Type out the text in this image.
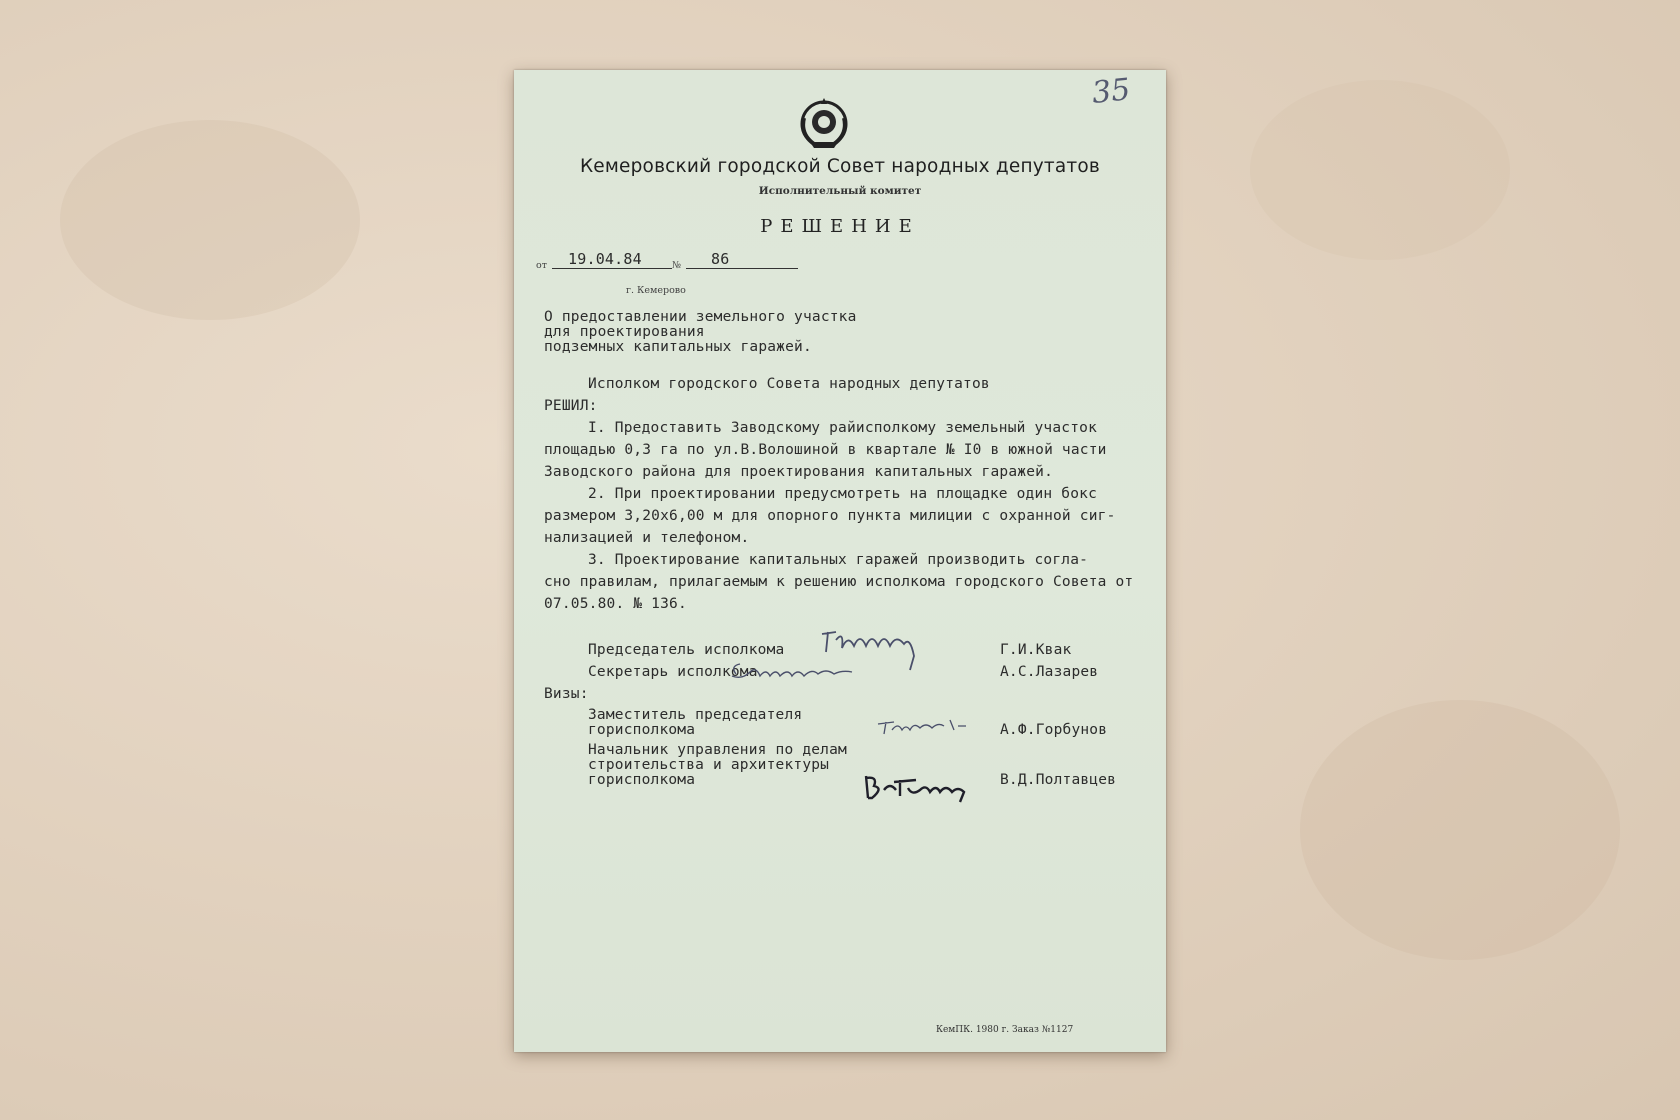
35
Кемеровский городской Совет народных депутатов
Исполнительный комитет
РЕШЕНИЕ
от 19.04.84	№ 86
г. Кемерово
О предоставлении земельного участка
для проектирования
подземных капитальных гаражей.
Исполком городского Совета народных депутатов
РЕШИЛ:
I. Предоставить Заводскому райисполкому земельный участок
площадью 0,3 га по ул.В.Волошиной в квартале № I0 в южной части
Заводского района для проектирования капитальных гаражей.
2. При проектировании предусмотреть на площадке один бокс
размером 3,20х6,00 м для опорного пункта милиции с охранной сиг-
нализацией и телефоном.
3. Проектирование капитальных гаражей производить согла-
сно правилам, прилагаемым к решению исполкома городского Совета от
07.05.80. № 136.
Председатель исполкома	Г.И.Квак
Секретарь исполкома	А.С.Лазарев
Визы:
Заместитель председателя
горисполкома	А.Ф.Горбунов
Начальник управления по делам
строительства и архитектуры
горисполкома	В.Д.Полтавцев
КемПК. 1980 г. Заказ №1127
